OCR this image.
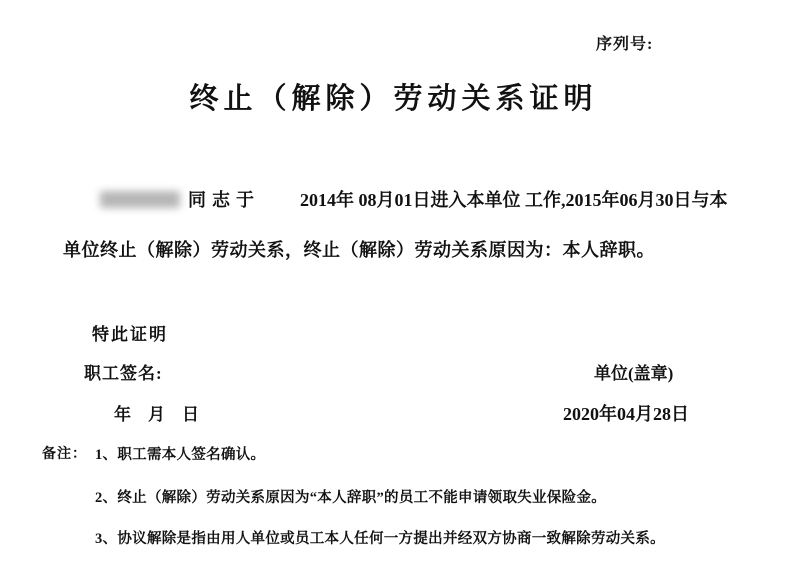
序列号:
终止（解除）劳动关系证明
同志于 2014年 08月01日进入本单位 工作,2015年06月30日与本
单位终止（解除）劳动关系，终止（解除）劳动关系原因为：本人辞职。
特此证明
职工签名:	单位(盖章)
年　月　日	2020年04月28日
备注： 1、职工需本人签名确认。
2、终止（解除）劳动关系原因为“本人辞职”的员工不能申请领取失业保险金。
3、协议解除是指由用人单位或员工本人任何一方提出并经双方协商一致解除劳动关系。
